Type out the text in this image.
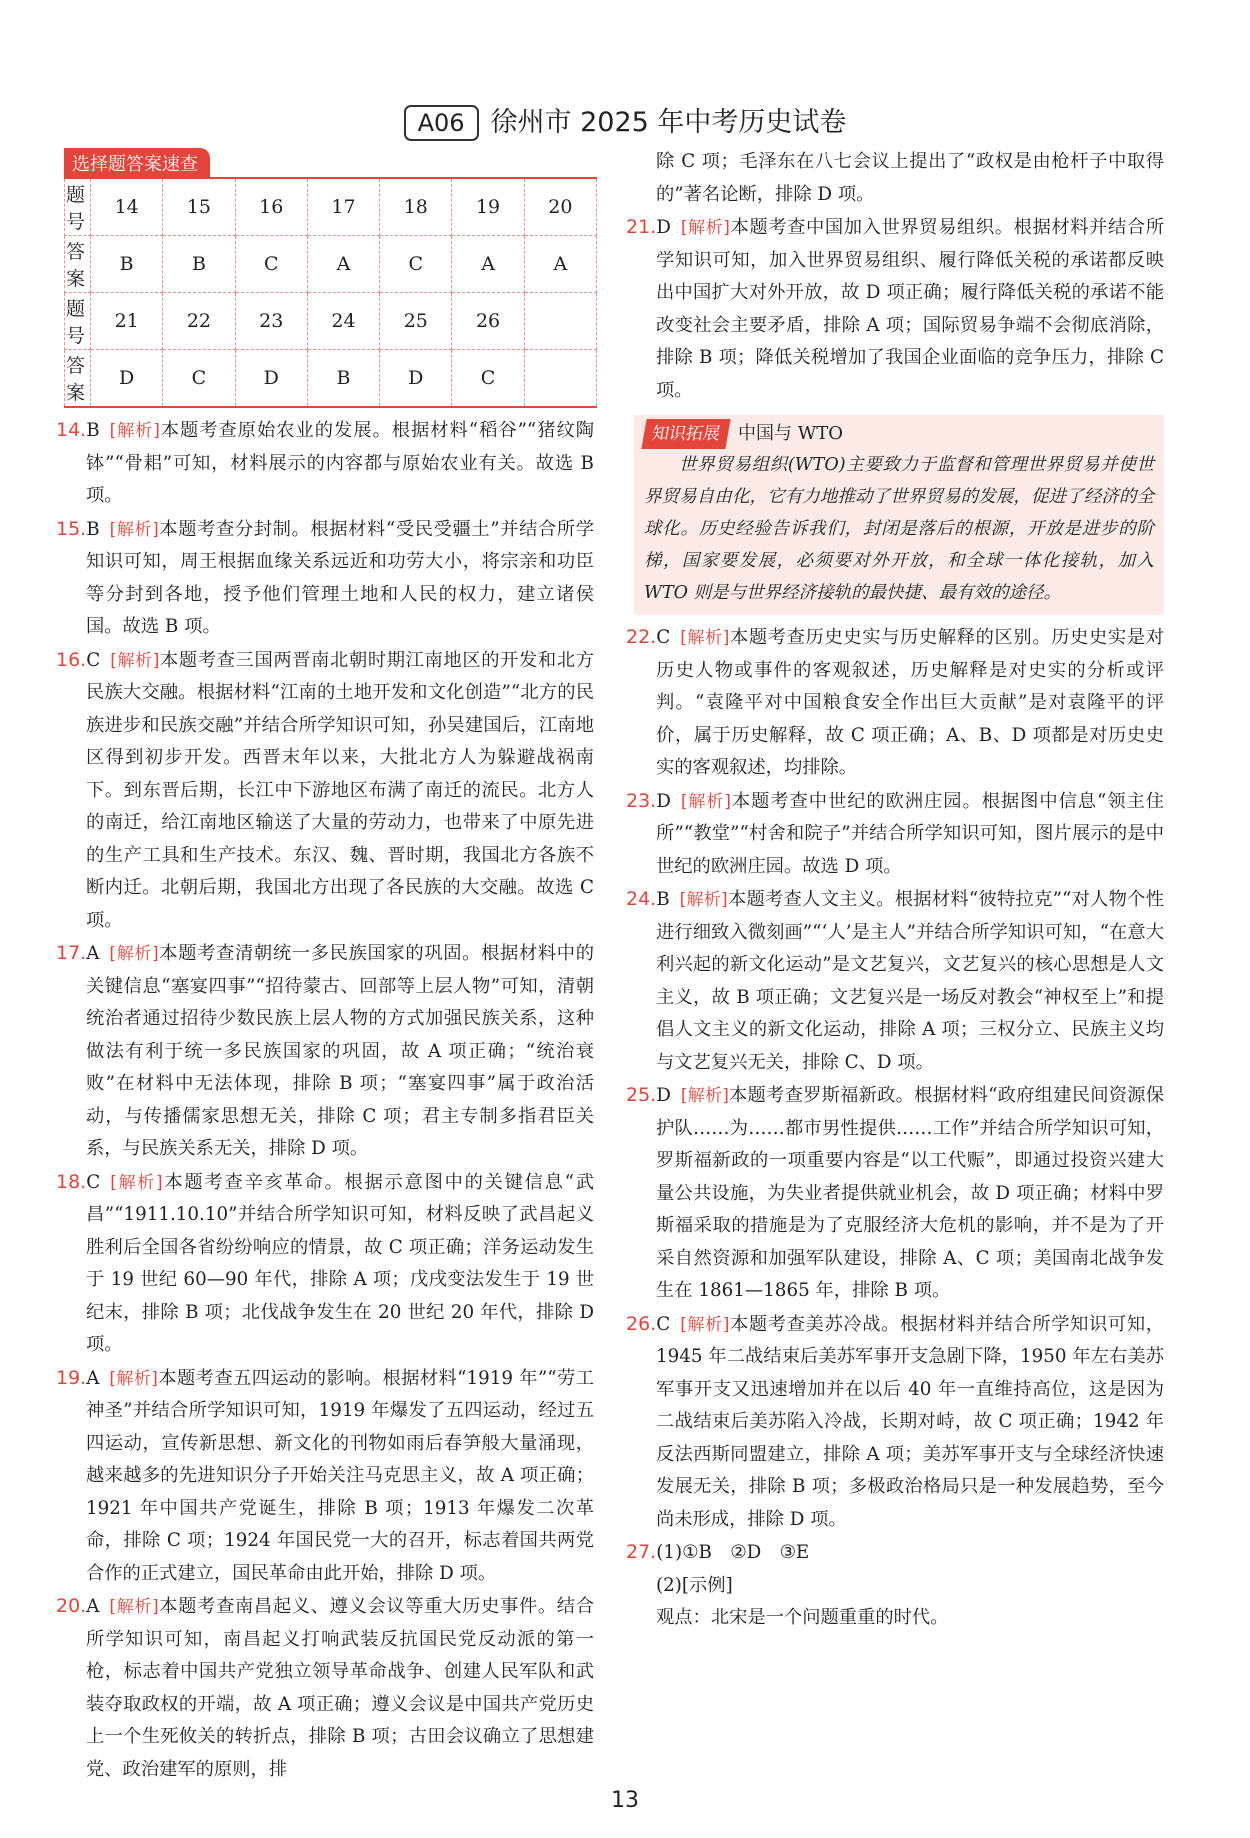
A06 徐州市 2025 年中考历史试卷
选择题答案速查
题号	14	15	16	17	18	19	20
答案	B	B	C	A	C	A	A
题号	21	22	23	24	25	26	
答案	D	C	D	B	D	C	

14.B [解析]本题考查原始农业的发展。根据材料“稻谷”“猪纹陶钵”“骨耜”可知，材料展示的内容都与原始农业有关。故选 B 项。

15.B [解析]本题考查分封制。根据材料“受民受疆土”并结合所学知识可知，周王根据血缘关系远近和功劳大小，将宗亲和功臣等分封到各地，授予他们管理土地和人民的权力，建立诸侯国。故选 B 项。

16.C [解析]本题考查三国两晋南北朝时期江南地区的开发和北方民族大交融。根据材料“江南的土地开发和文化创造”“北方的民族进步和民族交融”并结合所学知识可知，孙吴建国后，江南地区得到初步开发。西晋末年以来，大批北方人为躲避战祸南下。到东晋后期，长江中下游地区布满了南迁的流民。北方人的南迁，给江南地区输送了大量的劳动力，也带来了中原先进的生产工具和生产技术。东汉、魏、晋时期，我国北方各族不断内迁。北朝后期，我国北方出现了各民族的大交融。故选 C 项。

17.A [解析]本题考查清朝统一多民族国家的巩固。根据材料中的关键信息“塞宴四事”“招待蒙古、回部等上层人物”可知，清朝统治者通过招待少数民族上层人物的方式加强民族关系，这种做法有利于统一多民族国家的巩固，故 A 项正确；“统治衰败”在材料中无法体现，排除 B 项；“塞宴四事”属于政治活动，与传播儒家思想无关，排除 C 项；君主专制多指君臣关系，与民族关系无关，排除 D 项。

18.C [解析]本题考查辛亥革命。根据示意图中的关键信息“武昌”“1911.10.10”并结合所学知识可知，材料反映了武昌起义胜利后全国各省纷纷响应的情景，故 C 项正确；洋务运动发生于 19 世纪 60—90 年代，排除 A 项；戊戌变法发生于 19 世纪末，排除 B 项；北伐战争发生在 20 世纪 20 年代，排除 D 项。

19.A [解析]本题考查五四运动的影响。根据材料“1919 年”“劳工神圣”并结合所学知识可知，1919 年爆发了五四运动，经过五四运动，宣传新思想、新文化的刊物如雨后春笋般大量涌现，越来越多的先进知识分子开始关注马克思主义，故 A 项正确；1921 年中国共产党诞生，排除 B 项；1913 年爆发二次革命，排除 C 项；1924 年国民党一大的召开，标志着国共两党合作的正式建立，国民革命由此开始，排除 D 项。

20.A [解析]本题考查南昌起义、遵义会议等重大历史事件。结合所学知识可知，南昌起义打响武装反抗国民党反动派的第一枪，标志着中国共产党独立领导革命战争、创建人民军队和武装夺取政权的开端，故 A 项正确；遵义会议是中国共产党历史上一个生死攸关的转折点，排除 B 项；古田会议确立了思想建党、政治建军的原则，排

除 C 项；毛泽东在八七会议上提出了“政权是由枪杆子中取得的”著名论断，排除 D 项。

21.D [解析]本题考查中国加入世界贸易组织。根据材料并结合所学知识可知，加入世界贸易组织、履行降低关税的承诺都反映出中国扩大对外开放，故 D 项正确；履行降低关税的承诺不能改变社会主要矛盾，排除 A 项；国际贸易争端不会彻底消除，排除 B 项；降低关税增加了我国企业面临的竞争压力，排除 C 项。

知识拓展 中国与 WTO

世界贸易组织(WTO)主要致力于监督和管理世界贸易并使世界贸易自由化，它有力地推动了世界贸易的发展，促进了经济的全球化。历史经验告诉我们，封闭是落后的根源，开放是进步的阶梯，国家要发展，必须要对外开放，和全球一体化接轨，加入 WTO 则是与世界经济接轨的最快捷、最有效的途径。

22.C [解析]本题考查历史史实与历史解释的区别。历史史实是对历史人物或事件的客观叙述，历史解释是对史实的分析或评判。“袁隆平对中国粮食安全作出巨大贡献”是对袁隆平的评价，属于历史解释，故 C 项正确；A、B、D 项都是对历史史实的客观叙述，均排除。

23.D [解析]本题考查中世纪的欧洲庄园。根据图中信息“领主住所”“教堂”“村舍和院子”并结合所学知识可知，图片展示的是中世纪的欧洲庄园。故选 D 项。

24.B [解析]本题考查人文主义。根据材料“彼特拉克”“对人物个性进行细致入微刻画”“‘人’是主人”并结合所学知识可知，“在意大利兴起的新文化运动”是文艺复兴，文艺复兴的核心思想是人文主义，故 B 项正确；文艺复兴是一场反对教会“神权至上”和提倡人文主义的新文化运动，排除 A 项；三权分立、民族主义均与文艺复兴无关，排除 C、D 项。

25.D [解析]本题考查罗斯福新政。根据材料“政府组建民间资源保护队……为……都市男性提供……工作”并结合所学知识可知，罗斯福新政的一项重要内容是“以工代赈”，即通过投资兴建大量公共设施，为失业者提供就业机会，故 D 项正确；材料中罗斯福采取的措施是为了克服经济大危机的影响，并不是为了开采自然资源和加强军队建设，排除 A、C 项；美国南北战争发生在 1861—1865 年，排除 B 项。

26.C [解析]本题考查美苏冷战。根据材料并结合所学知识可知，1945 年二战结束后美苏军事开支急剧下降，1950 年左右美苏军事开支又迅速增加并在以后 40 年一直维持高位，这是因为二战结束后美苏陷入冷战，长期对峙，故 C 项正确；1942 年反法西斯同盟建立，排除 A 项；美苏军事开支与全球经济快速发展无关，排除 B 项；多极政治格局只是一种发展趋势，至今尚未形成，排除 D 项。

27.(1)①B　②D　③E

(2)[示例]

观点：北宋是一个问题重重的时代。

13
